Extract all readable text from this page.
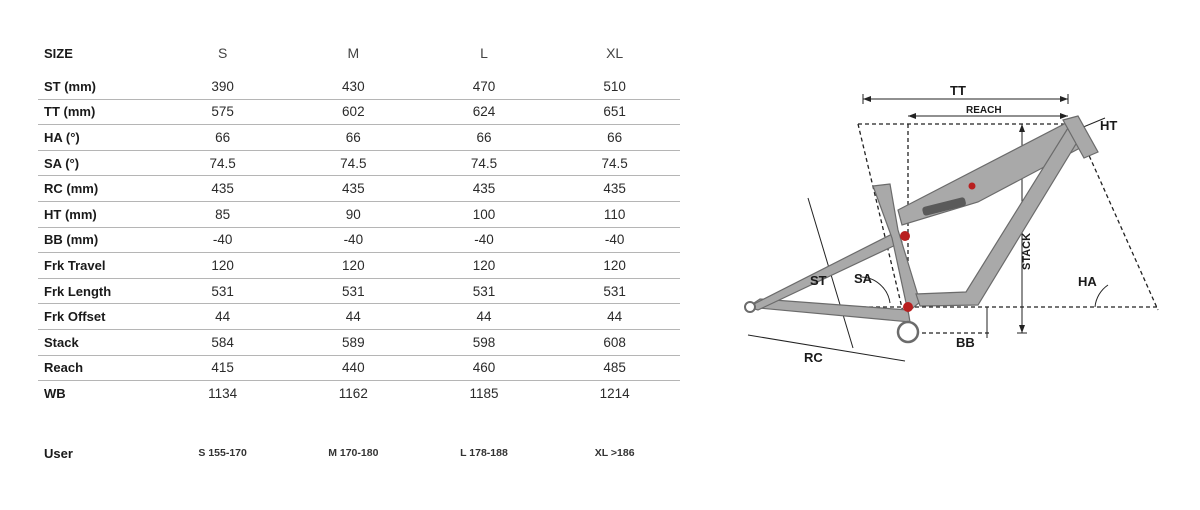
SIZE	S	M	L	XL
ST (mm)	390	430	470	510
TT (mm)	575	602	624	651
HA (°)	66	66	66	66
SA (°)	74.5	74.5	74.5	74.5
RC (mm)	435	435	435	435
HT (mm)	85	90	100	110
BB (mm)	-40	-40	-40	-40
Frk Travel	120	120	120	120
Frk Length	531	531	531	531
Frk Offset	44	44	44	44
Stack	584	589	598	608
Reach	415	440	460	485
WB	1134	1162	1185	1214
User	S 155-170	M 170-180	L 178-188	XL >186
TT
REACH
HT
ST SA
STACK
HA
RC
BB
